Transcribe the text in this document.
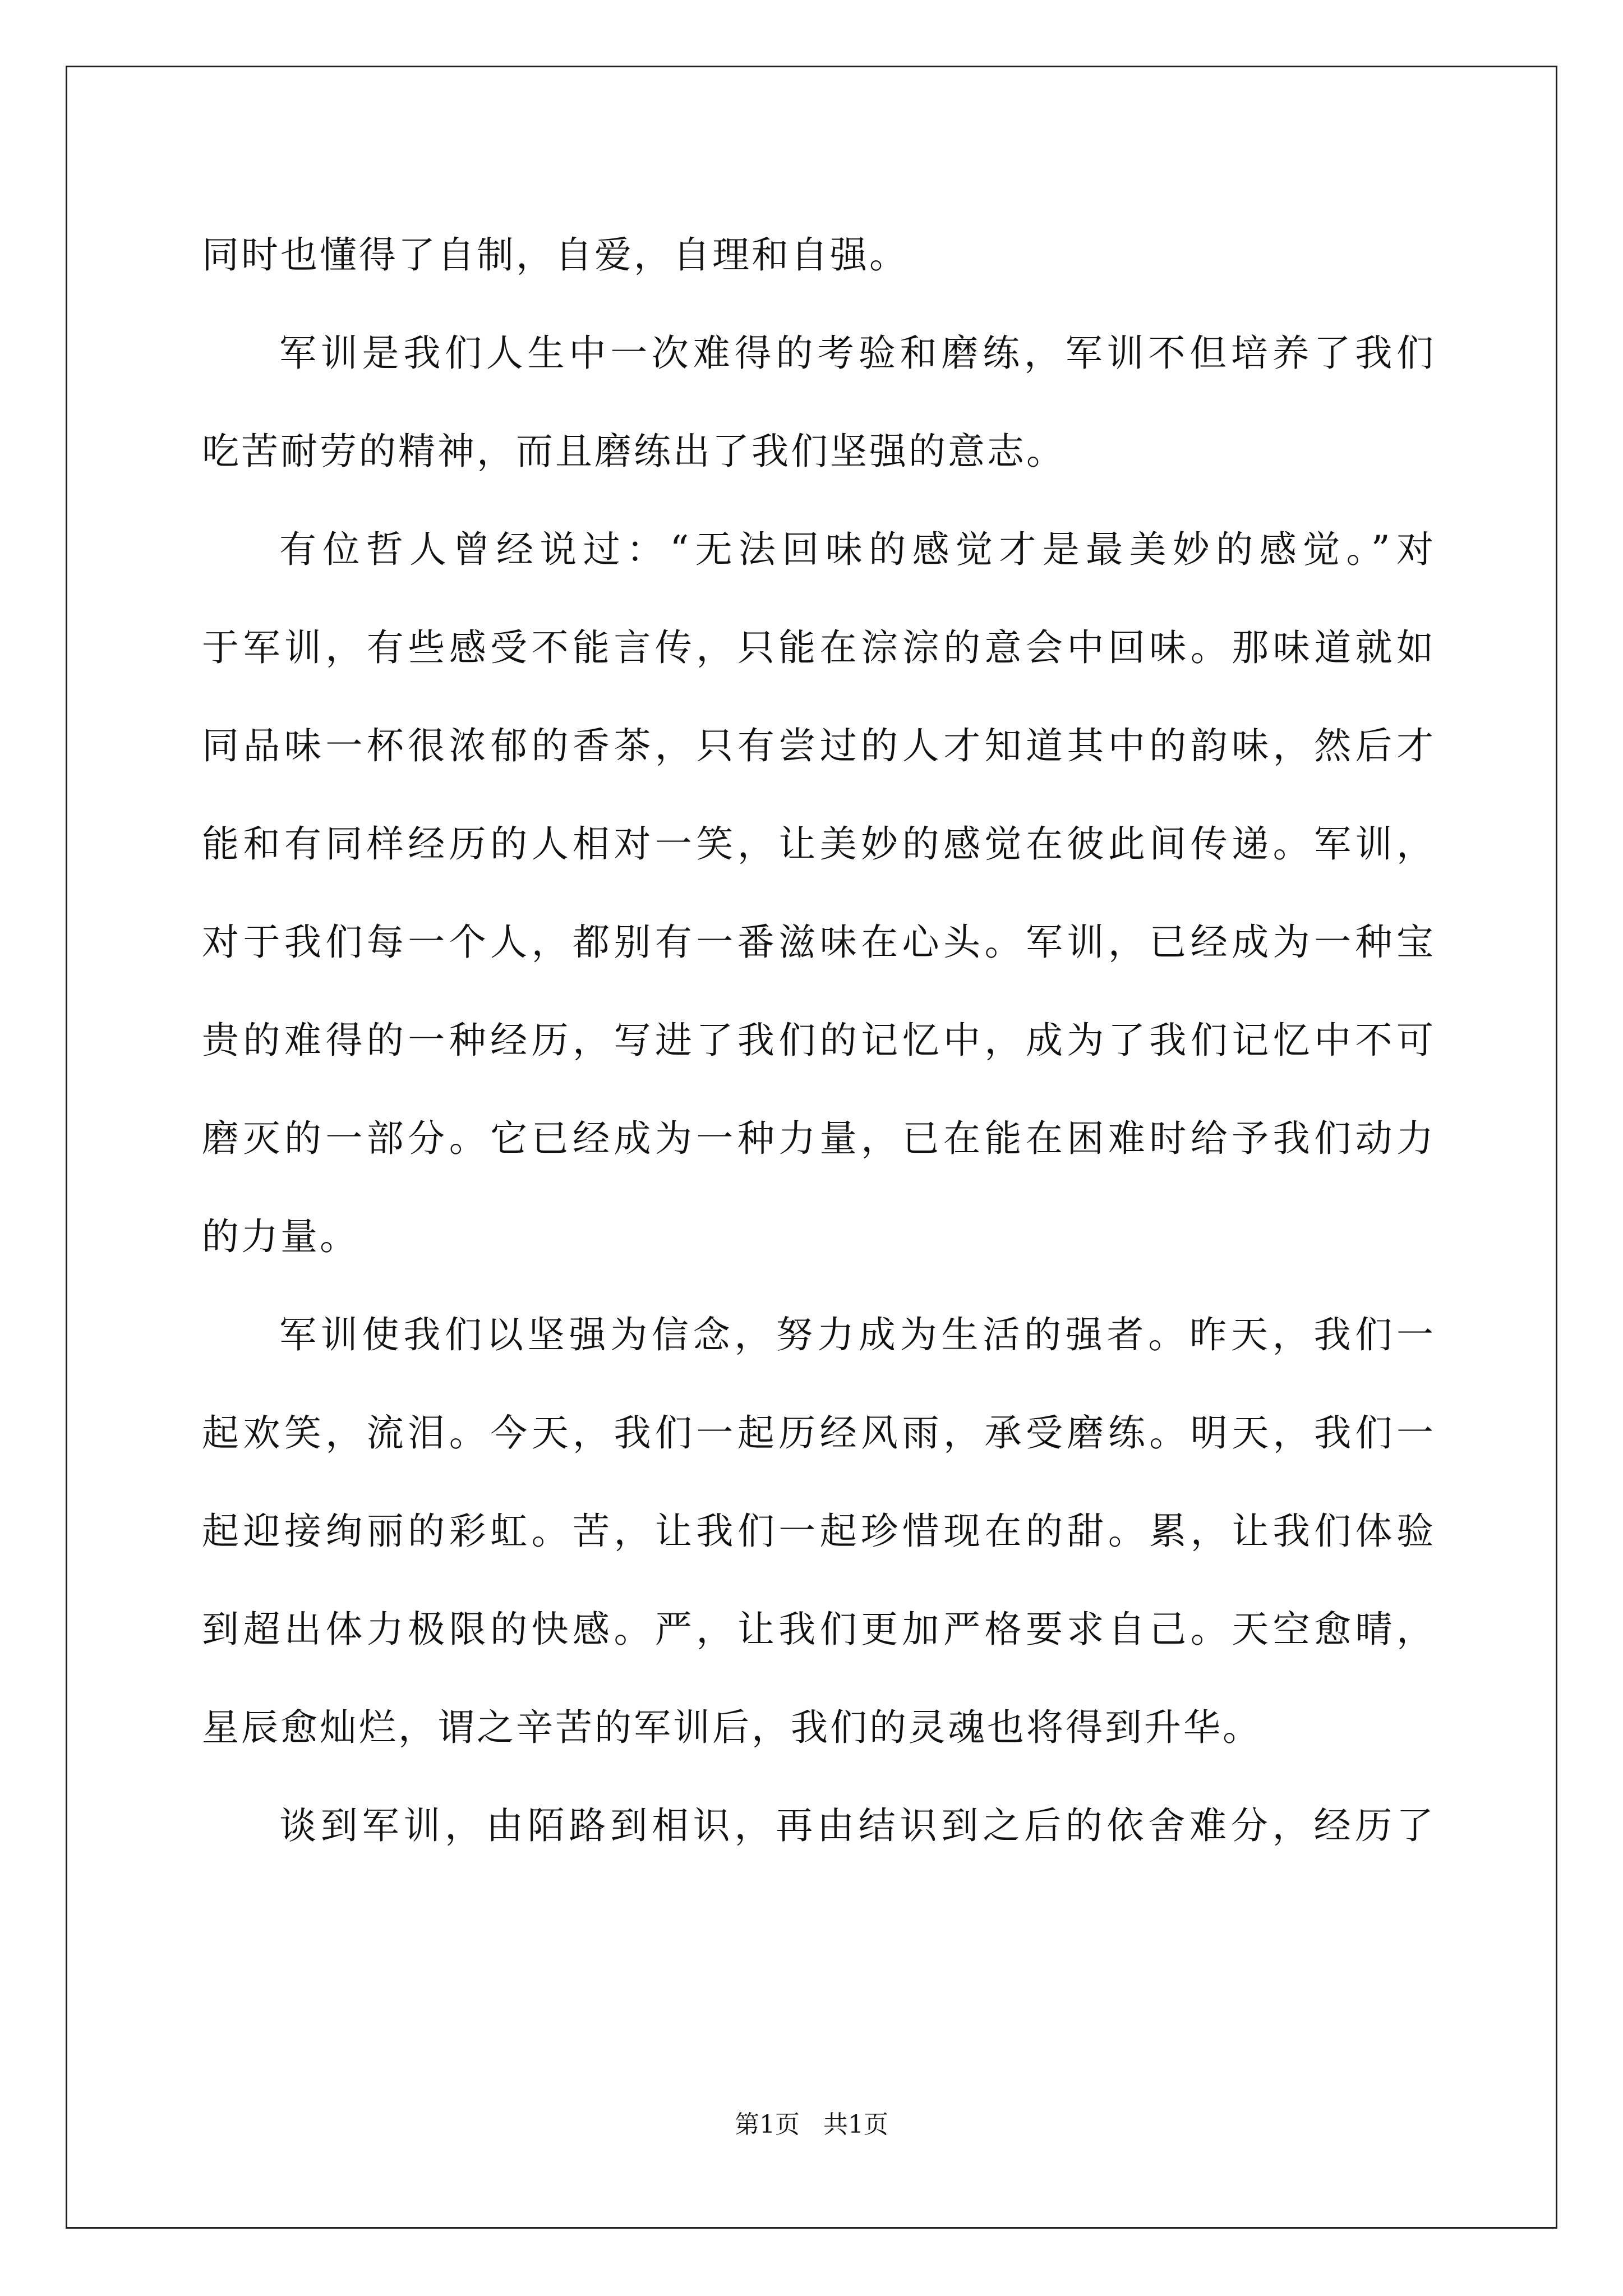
同时也懂得了自制，自爱，自理和自强。
军训是我们人生中一次难得的考验和磨练，军训不但培养了我们
吃苦耐劳的精神，而且磨练出了我们坚强的意志。
有位哲人曾经说过：“无法回味的感觉才是最美妙的感觉。”对
于军训，有些感受不能言传，只能在淙淙的意会中回味。那味道就如
同品味一杯很浓郁的香茶，只有尝过的人才知道其中的韵味，然后才
能和有同样经历的人相对一笑，让美妙的感觉在彼此间传递。军训，
对于我们每一个人，都别有一番滋味在心头。军训，已经成为一种宝
贵的难得的一种经历，写进了我们的记忆中，成为了我们记忆中不可
磨灭的一部分。它已经成为一种力量，已在能在困难时给予我们动力
的力量。
军训使我们以坚强为信念，努力成为生活的强者。昨天，我们一
起欢笑，流泪。今天，我们一起历经风雨，承受磨练。明天，我们一
起迎接绚丽的彩虹。苦，让我们一起珍惜现在的甜。累，让我们体验
到超出体力极限的快感。严，让我们更加严格要求自己。天空愈晴，
星辰愈灿烂，谓之辛苦的军训后，我们的灵魂也将得到升华。
谈到军训，由陌路到相识，再由结识到之后的依舍难分，经历了
第1页 共1页
